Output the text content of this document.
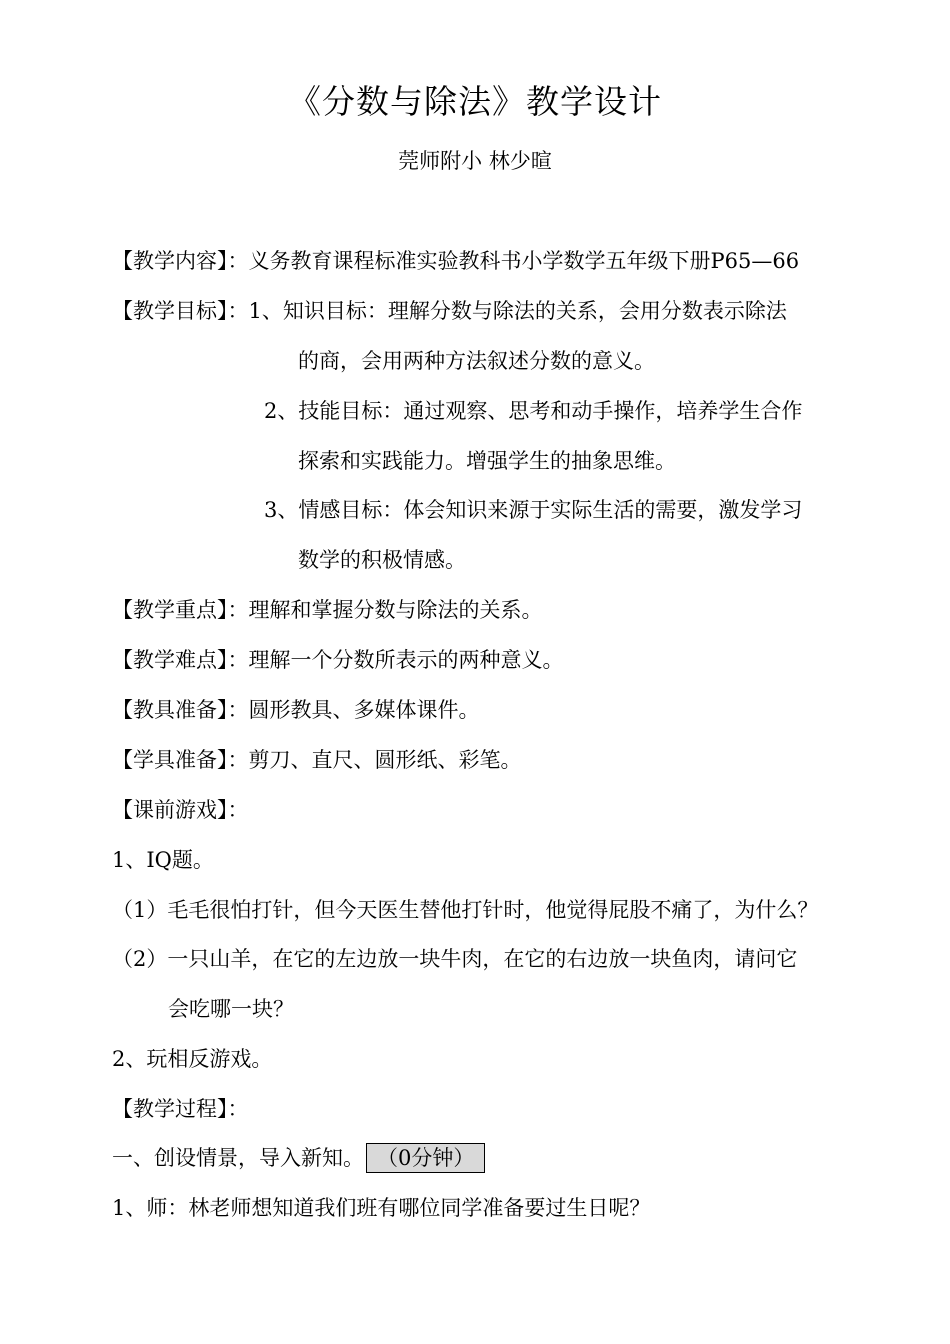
《分数与除法》教学设计
莞师附小 林少暄
【教学内容】：义务教育课程标准实验教科书小学数学五年级下册P65—66
【教学目标】：1、知识目标：理解分数与除法的关系，会用分数表示除法
的商，会用两种方法叙述分数的意义。
2、技能目标：通过观察、思考和动手操作，培养学生合作
探索和实践能力。增强学生的抽象思维。
3、情感目标：体会知识来源于实际生活的需要，激发学习
数学的积极情感。
【教学重点】：理解和掌握分数与除法的关系。
【教学难点】：理解一个分数所表示的两种意义。
【教具准备】：圆形教具、多媒体课件。
【学具准备】：剪刀、直尺、圆形纸、彩笔。
【课前游戏】：
1、IQ题。
（1）毛毛很怕打针，但今天医生替他打针时，他觉得屁股不痛了，为什么？
（2）一只山羊，在它的左边放一块牛肉，在它的右边放一块鱼肉，请问它
会吃哪一块？
2、玩相反游戏。
【教学过程】：
一、创设情景，导入新知。 （0分钟）
1、师：林老师想知道我们班有哪位同学准备要过生日呢？
